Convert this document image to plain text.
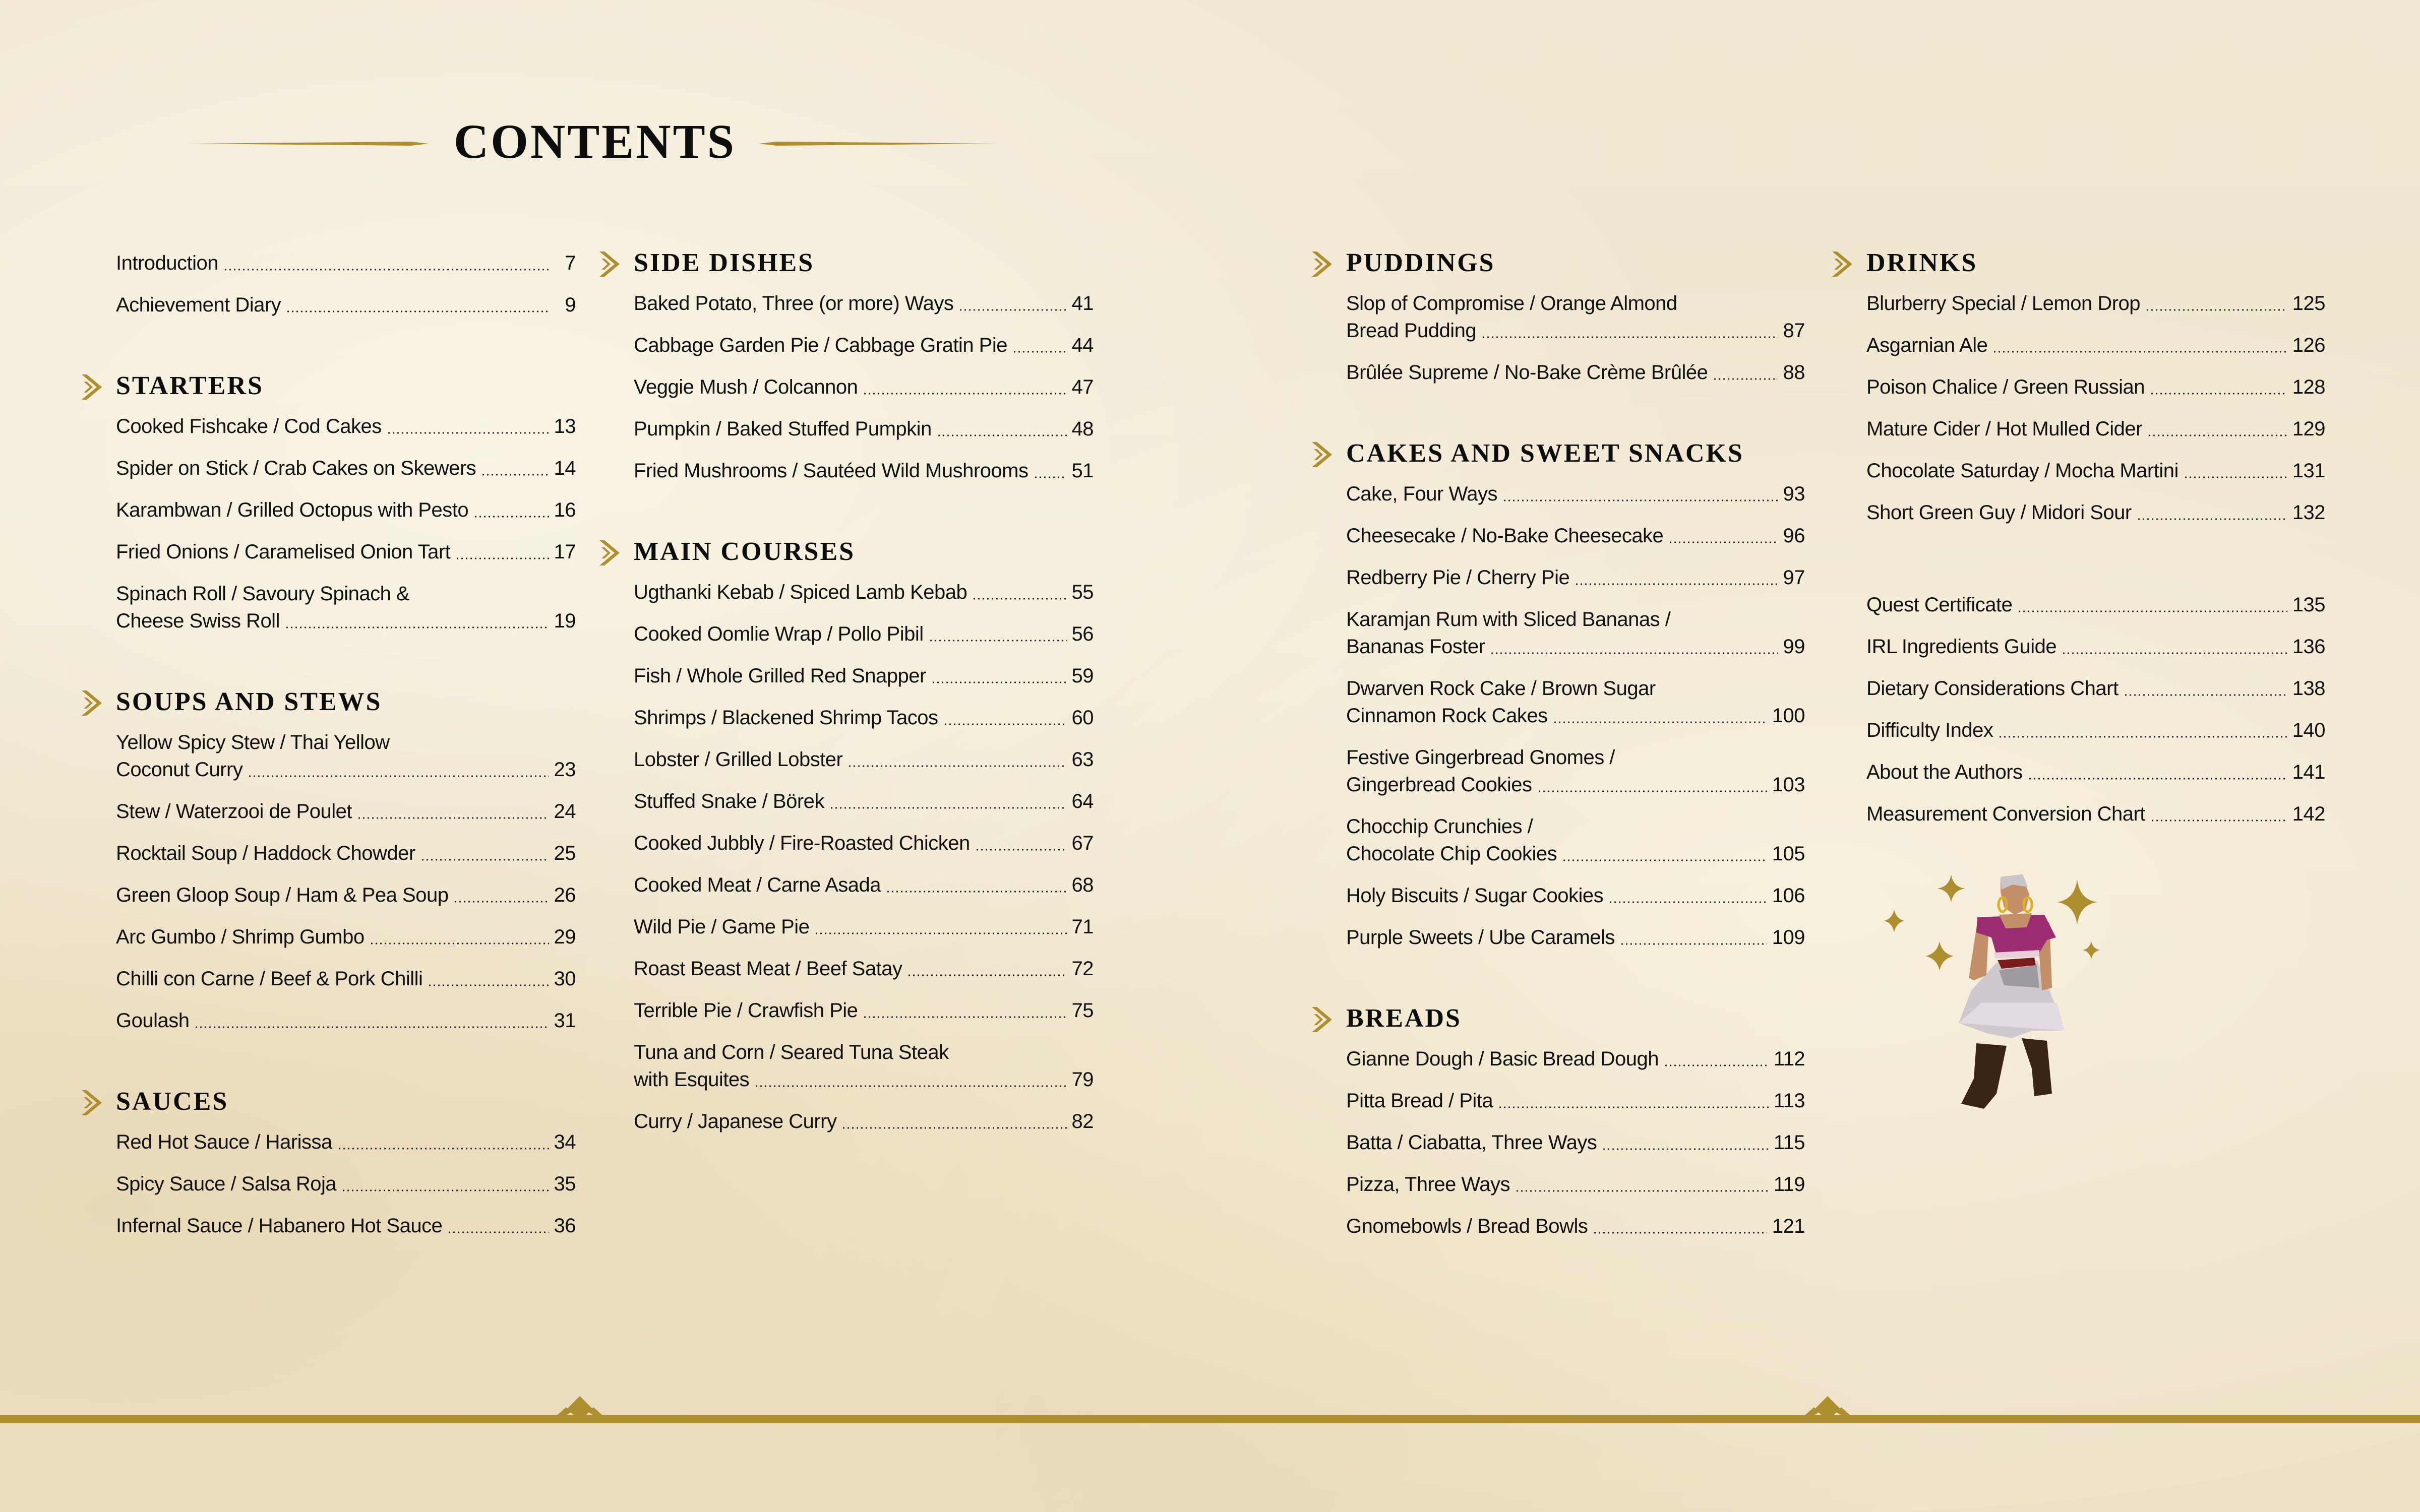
CONTENTS
Introduction	7
Achievement Diary	9
STARTERS
Cooked Fishcake / Cod Cakes	13
Spider on Stick / Crab Cakes on Skewers	14
Karambwan / Grilled Octopus with Pesto	16
Fried Onions / Caramelised Onion Tart	17
Spinach Roll / Savoury Spinach &
Cheese Swiss Roll	19
SOUPS AND STEWS
Yellow Spicy Stew / Thai Yellow
Coconut Curry	23
Stew / Waterzooi de Poulet	24
Rocktail Soup / Haddock Chowder	25
Green Gloop Soup / Ham & Pea Soup	26
Arc Gumbo / Shrimp Gumbo	29
Chilli con Carne / Beef & Pork Chilli	30
Goulash	31
SAUCES
Red Hot Sauce / Harissa	34
Spicy Sauce / Salsa Roja	35
Infernal Sauce / Habanero Hot Sauce	36
SIDE DISHES
Baked Potato, Three (or more) Ways	41
Cabbage Garden Pie / Cabbage Gratin Pie	44
Veggie Mush / Colcannon	47
Pumpkin / Baked Stuffed Pumpkin	48
Fried Mushrooms / Sautéed Wild Mushrooms 51
MAIN COURSES
Ugthanki Kebab / Spiced Lamb Kebab	55
Cooked Oomlie Wrap / Pollo Pibil	56
Fish / Whole Grilled Red Snapper	59
Shrimps / Blackened Shrimp Tacos	60
Lobster / Grilled Lobster	63
Stuffed Snake / Börek	64
Cooked Jubbly / Fire-Roasted Chicken	67
Cooked Meat / Carne Asada	68
Wild Pie / Game Pie	71
Roast Beast Meat / Beef Satay	72
Terrible Pie / Crawfish Pie	75
Tuna and Corn / Seared Tuna Steak
with Esquites	79
Curry / Japanese Curry	82
PUDDINGS
Slop of Compromise / Orange Almond
Bread Pudding	87
Brûlée Supreme / No-Bake Crème Brûlée	88
CAKES AND SWEET SNACKS
Cake, Four Ways	93
Cheesecake / No-Bake Cheesecake	96
Redberry Pie / Cherry Pie	97
Karamjan Rum with Sliced Bananas /
Bananas Foster	99
Dwarven Rock Cake / Brown Sugar
Cinnamon Rock Cakes	100
Festive Gingerbread Gnomes /
Gingerbread Cookies	103
Chocchip Crunchies /
Chocolate Chip Cookies	105
Holy Biscuits / Sugar Cookies	106
Purple Sweets / Ube Caramels	109
BREADS
Gianne Dough / Basic Bread Dough	112
Pitta Bread / Pita	113
Batta / Ciabatta, Three Ways	115
Pizza, Three Ways	119
Gnomebowls / Bread Bowls	121
DRINKS
Blurberry Special / Lemon Drop	125
Asgarnian Ale	126
Poison Chalice / Green Russian	128
Mature Cider / Hot Mulled Cider	129
Chocolate Saturday / Mocha Martini	131
Short Green Guy / Midori Sour	132
Quest Certificate	135
IRL Ingredients Guide	136
Dietary Considerations Chart	138
Difficulty Index	140
About the Authors	141
Measurement Conversion Chart	142
